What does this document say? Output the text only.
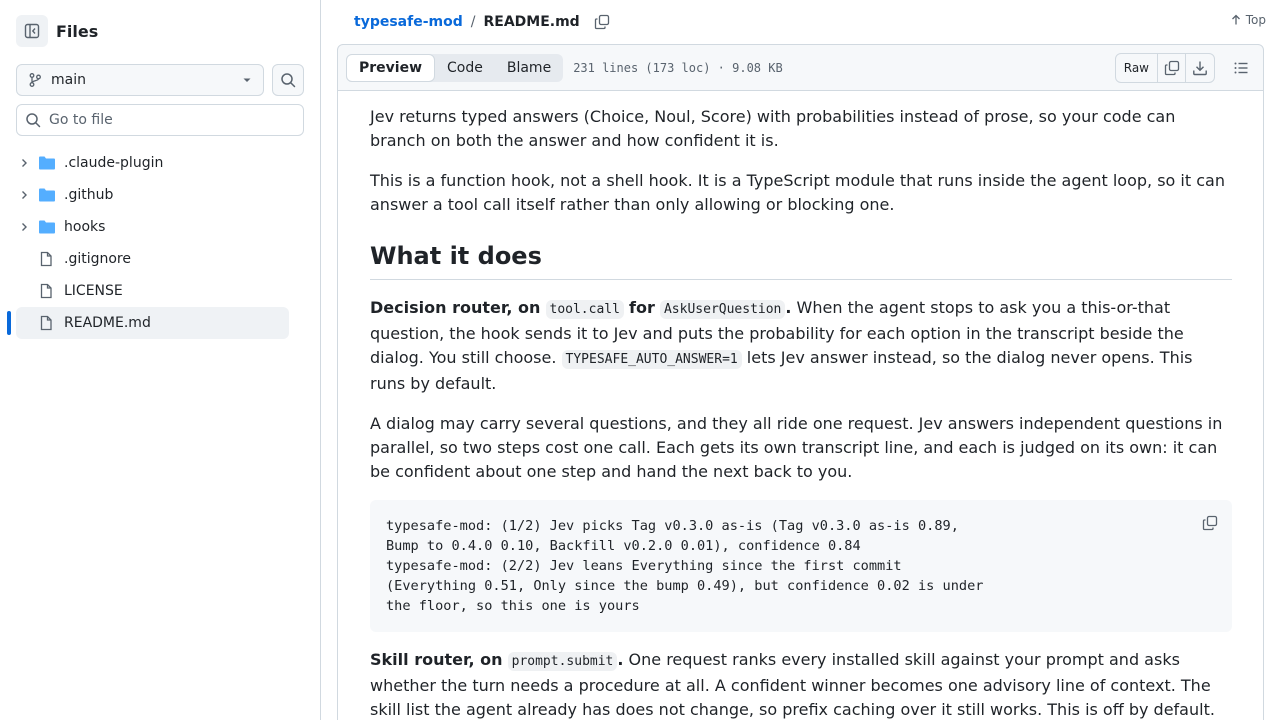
Files
main
Go to file
.claude-plugin
.github
hooks
.gitignore
LICENSE
README.md
typesafe-mod / README.md	Top
Preview	Code	Blame	231 lines (173 loc) · 9.08 KB	Raw

Jev returns typed answers (Choice, Noul, Score) with probabilities instead of prose, so your code can branch on both the answer and how confident it is.

This is a function hook, not a shell hook. It is a TypeScript module that runs inside the agent loop, so it can answer a tool call itself rather than only allowing or blocking one.

What it does

Decision router, on tool.call for AskUserQuestion . When the agent stops to ask you a this-or-that question, the hook sends it to Jev and puts the probability for each option in the transcript beside the dialog. You still choose. TYPESAFE_AUTO_ANSWER=1 lets Jev answer instead, so the dialog never opens. This runs by default.

A dialog may carry several questions, and they all ride one request. Jev answers independent questions in parallel, so two steps cost one call. Each gets its own transcript line, and each is judged on its own: it can be confident about one step and hand the next back to you.

typesafe-mod: (1/2) Jev picks Tag v0.3.0 as-is (Tag v0.3.0 as-is 0.89,
Bump to 0.4.0 0.10, Backfill v0.2.0 0.01), confidence 0.84
typesafe-mod: (2/2) Jev leans Everything since the first commit
(Everything 0.51, Only since the bump 0.49), but confidence 0.02 is under
the floor, so this one is yours

Skill router, on prompt.submit . One request ranks every installed skill against your prompt and asks whether the turn needs a procedure at all. A confident winner becomes one advisory line of context. The skill list the agent already has does not change, so prefix caching over it still works. This is off by default.
